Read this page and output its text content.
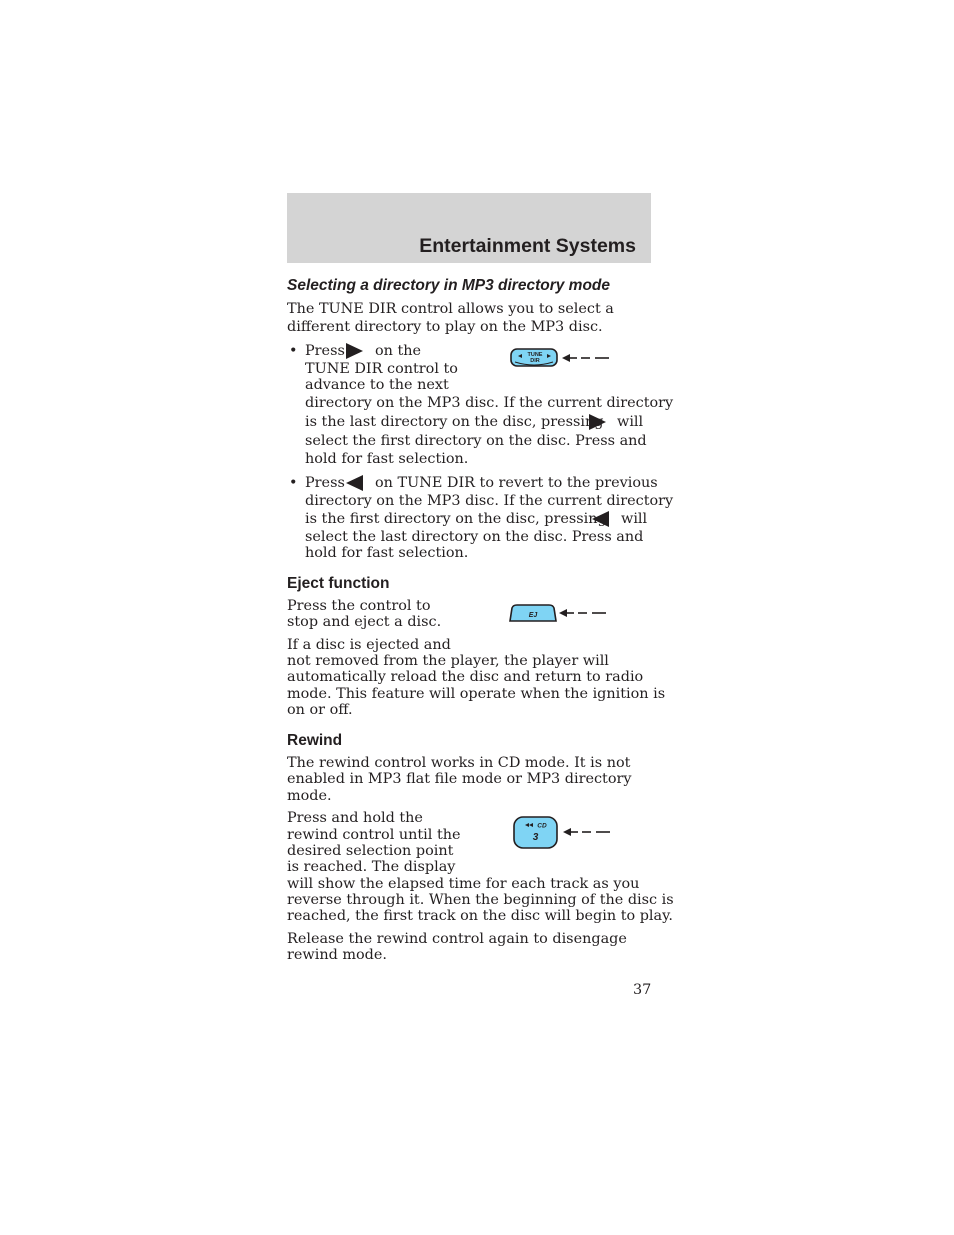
Entertainment Systems
Selecting a directory in MP3 directory mode
The TUNE DIR control allows you to select a
different directory to play on the MP3 disc.
• Press on the
TUNE DIR control to
advance to the next
directory on the MP3 disc. If the current directory
is the last directory on the disc, pressing will
select the first directory on the disc. Press and
hold for fast selection.
TUNE
DIR
• Press on TUNE DIR to revert to the previous
directory on the MP3 disc. If the current directory
is the first directory on the disc, pressing will
select the last directory on the disc. Press and
hold for fast selection.
Eject function
Press the control to
stop and eject a disc.
If a disc is ejected and
not removed from the player, the player will
automatically reload the disc and return to radio
mode. This feature will operate when the ignition is
on or off.
EJ
Rewind
The rewind control works in CD mode. It is not
enabled in MP3 flat file mode or MP3 directory
mode.
Press and hold the
rewind control until the
desired selection point
is reached. The display
will show the elapsed time for each track as you
reverse through it. When the beginning of the disc is
reached, the first track on the disc will begin to play.
Release the rewind control again to disengage
rewind mode.
CD
3
37
